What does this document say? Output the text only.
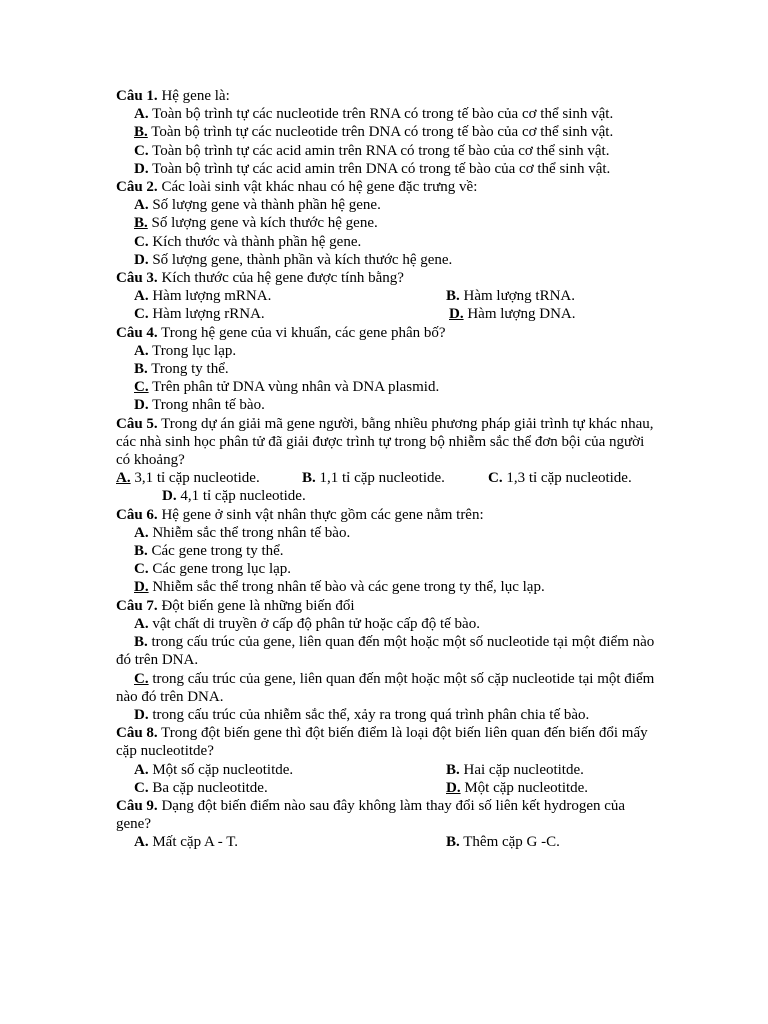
Câu 1. Hệ gene là:
A. Toàn bộ trình tự các nucleotide trên RNA có trong tế bào của cơ thể sinh vật.
B. Toàn bộ trình tự các nucleotide trên DNA có trong tế bào của cơ thể sinh vật.
C. Toàn bộ trình tự các acid amin trên RNA có trong tế bào của cơ thể sinh vật.
D. Toàn bộ trình tự các acid amin trên DNA có trong tế bào của cơ thể sinh vật.
Câu 2. Các loài sinh vật khác nhau có hệ gene đặc trưng về:
A. Số lượng gene và thành phần hệ gene.
B. Số lượng gene và kích thước hệ gene.
C. Kích thước và thành phần hệ gene.
D. Số lượng gene, thành phần và kích thước hệ gene.
Câu 3. Kích thước của hệ gene được tính bằng?
A. Hàm lượng mRNA.	B. Hàm lượng tRNA.
C. Hàm lượng rRNA.	D. Hàm lượng DNA.
Câu 4. Trong hệ gene của vi khuẩn, các gene phân bố?
A. Trong lục lạp.
B. Trong ty thể.
C. Trên phân tử DNA vùng nhân và DNA plasmid.
D. Trong nhân tế bào.
Câu 5. Trong dự án giải mã gene người, bằng nhiều phương pháp giải trình tự khác nhau, các nhà sinh học phân tử đã giải được trình tự trong bộ nhiễm sắc thể đơn bội của người có khoảng?
A. 3,1 tỉ cặp nucleotide.	B. 1,1 tỉ cặp nucleotide.	C. 1,3 tỉ cặp nucleotide.
D. 4,1 tỉ cặp nucleotide.
Câu 6. Hệ gene ở sinh vật nhân thực gồm các gene nằm trên:
A. Nhiễm sắc thể trong nhân tế bào.
B. Các gene trong ty thể.
C. Các gene trong lục lạp.
D. Nhiễm sắc thể trong nhân tế bào và các gene trong ty thể, lục lạp.
Câu 7. Đột biến gene là những biến đổi
A. vật chất di truyền ở cấp độ phân tử hoặc cấp độ tế bào.
B. trong cấu trúc của gene, liên quan đến một hoặc một số nucleotide tại một điểm nào đó trên DNA.
C. trong cấu trúc của gene, liên quan đến một hoặc một số cặp nucleotide tại một điểm nào đó trên DNA.
D. trong cấu trúc của nhiễm sắc thể, xảy ra trong quá trình phân chia tế bào.
Câu 8. Trong đột biến gene thì đột biến điểm là loại đột biến liên quan đến biến đổi mấy cặp nucleotitde?
A. Một số cặp nucleotitde.	B. Hai cặp nucleotitde.
C. Ba cặp nucleotitde.	D. Một cặp nucleotitde.
Câu 9. Dạng đột biến điểm nào sau đây không làm thay đổi số liên kết hydrogen của gene?
A. Mất cặp A - T.	B. Thêm cặp G -C.
